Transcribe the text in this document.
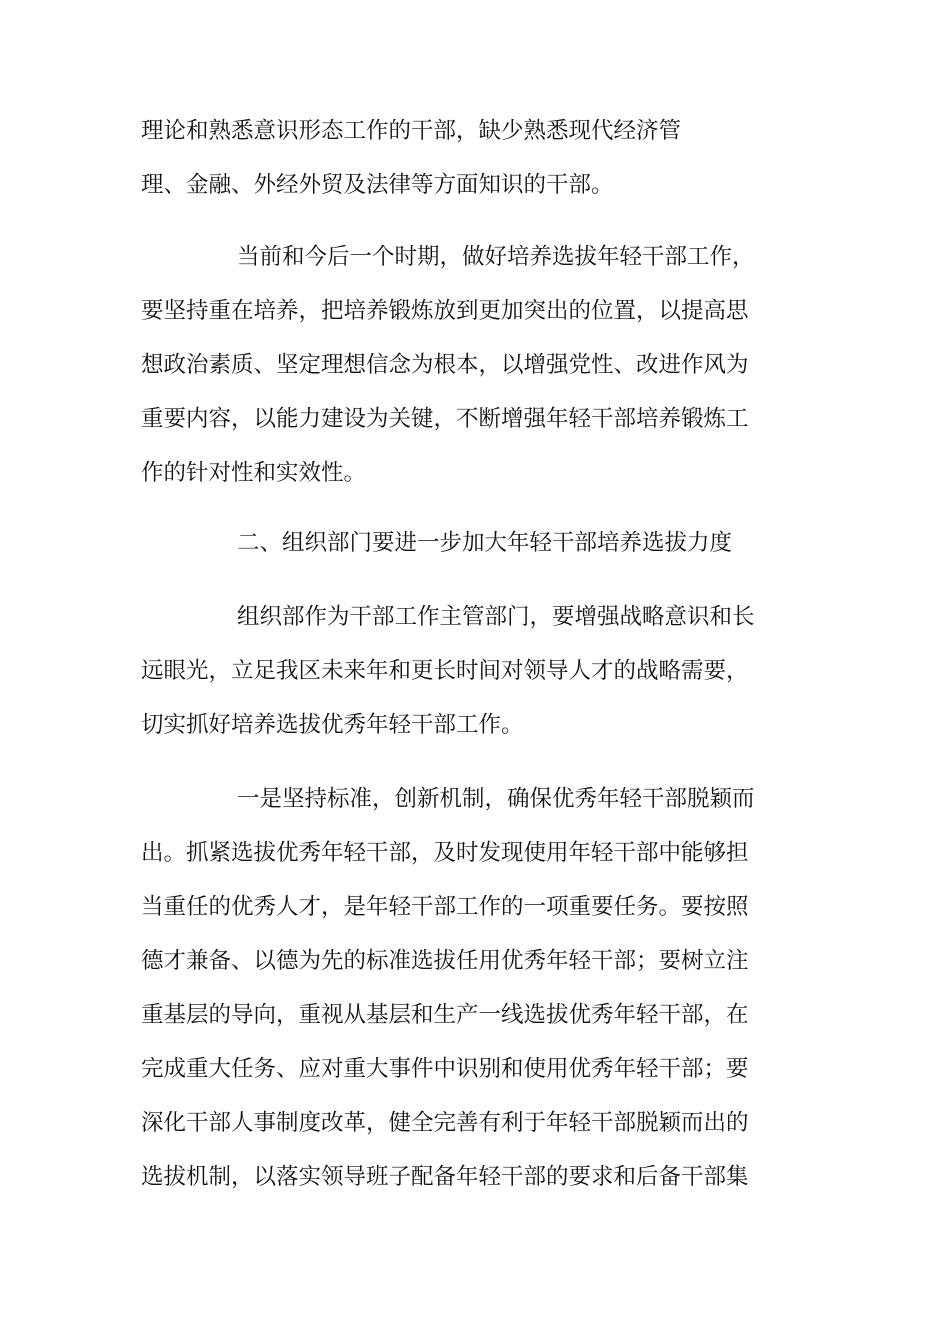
理论和熟悉意识形态工作的干部，缺少熟悉现代经济管
理、金融、外经外贸及法律等方面知识的干部。
当前和今后一个时期，做好培养选拔年轻干部工作，
要坚持重在培养，把培养锻炼放到更加突出的位置，以提高思
想政治素质、坚定理想信念为根本，以增强党性、改进作风为
重要内容，以能力建设为关键，不断增强年轻干部培养锻炼工
作的针对性和实效性。
二、组织部门要进一步加大年轻干部培养选拔力度
组织部作为干部工作主管部门，要增强战略意识和长
远眼光，立足我区未来年和更长时间对领导人才的战略需要，
切实抓好培养选拔优秀年轻干部工作。
一是坚持标准，创新机制，确保优秀年轻干部脱颖而
出。抓紧选拔优秀年轻干部，及时发现使用年轻干部中能够担
当重任的优秀人才，是年轻干部工作的一项重要任务。要按照
德才兼备、以德为先的标准选拔任用优秀年轻干部；要树立注
重基层的导向，重视从基层和生产一线选拔优秀年轻干部，在
完成重大任务、应对重大事件中识别和使用优秀年轻干部；要
深化干部人事制度改革，健全完善有利于年轻干部脱颖而出的
选拔机制，以落实领导班子配备年轻干部的要求和后备干部集
